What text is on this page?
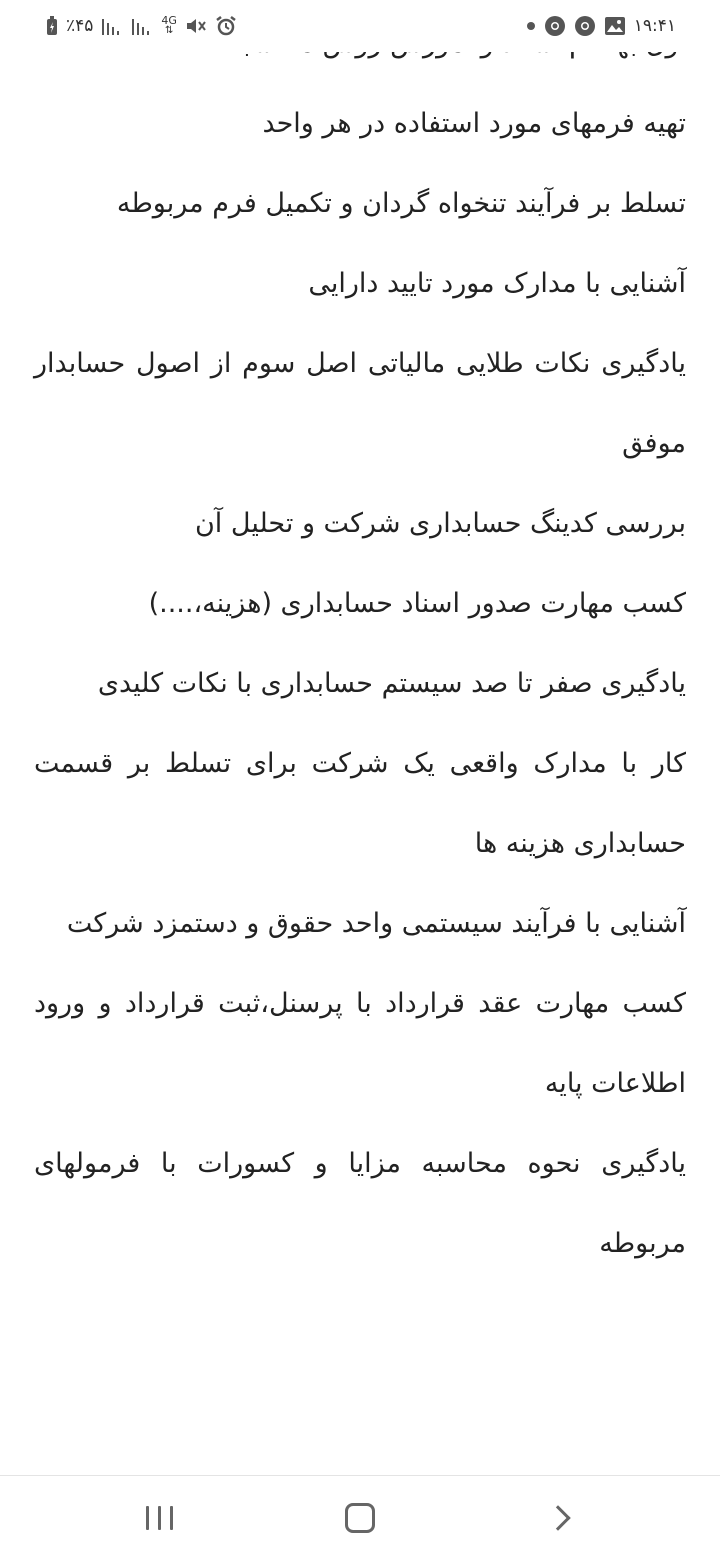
٪۴۵	4G
⇅	۱۹:۴۱

تهیه فرمهای مورد استفاده در هر واحد

تسلط بر فرآیند تنخواه گردان و تکمیل فرم مربوطه

آشنایی با مدارک مورد تایید دارایی

یادگیری نکات طلایی مالیاتی اصل سوم از اصول حسابدار موفق

بررسی کدینگ حسابداری شرکت و تحلیل آن

کسب مهارت صدور اسناد حسابداری (هزینه،....)

یادگیری صفر تا صد سیستم حسابداری با نکات کلیدی

کار با مدارک واقعی یک شرکت برای تسلط بر قسمت حسابداری هزینه ها

آشنایی با فرآیند سیستمی واحد حقوق و دستمزد شرکت

کسب مهارت عقد قرارداد با پرسنل،ثبت قرارداد و ورود اطلاعات پایه

یادگیری نحوه محاسبه مزایا و کسورات با فرمولهای مربوطه
